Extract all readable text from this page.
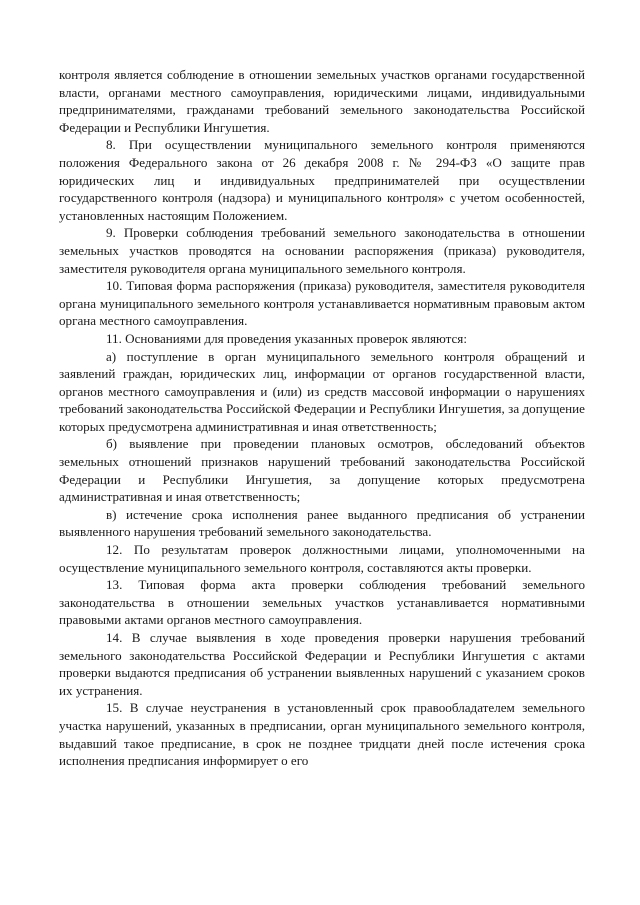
контроля является соблюдение в отношении земельных участков органами государственной власти, органами местного самоуправления, юридическими лицами, индивидуальными предпринимателями, гражданами требований земельного законодательства Российской Федерации и Республики Ингушетия.

8. При осуществлении муниципального земельного контроля применяются положения Федерального закона от 26 декабря 2008 г. № 294-ФЗ «О защите прав юридических лиц и индивидуальных предпринимателей при осуществлении государственного контроля (надзора) и муниципального контроля» с учетом особенностей, установленных настоящим Положением.

9. Проверки соблюдения требований земельного законодательства в отношении земельных участков проводятся на основании распоряжения (приказа) руководителя, заместителя руководителя органа муниципального земельного контроля.

10. Типовая форма распоряжения (приказа) руководителя, заместителя руководителя органа муниципального земельного контроля устанавливается нормативным правовым актом органа местного самоуправления.

11. Основаниями для проведения указанных проверок являются:

а) поступление в орган муниципального земельного контроля обращений и заявлений граждан, юридических лиц, информации от органов государственной власти, органов местного самоуправления и (или) из средств массовой информации о нарушениях требований законодательства Российской Федерации и Республики Ингушетия, за допущение которых предусмотрена административная и иная ответственность;

б) выявление при проведении плановых осмотров, обследований объектов земельных отношений признаков нарушений требований законодательства Российской Федерации и Республики Ингушетия, за допущение которых предусмотрена административная и иная ответственность;

в) истечение срока исполнения ранее выданного предписания об устранении выявленного нарушения требований земельного законодательства.

12. По результатам проверок должностными лицами, уполномоченными на осуществление муниципального земельного контроля, составляются акты проверки.

13. Типовая форма акта проверки соблюдения требований земельного законодательства в отношении земельных участков устанавливается нормативными правовыми актами органов местного самоуправления.

14. В случае выявления в ходе проведения проверки нарушения требований земельного законодательства Российской Федерации и Республики Ингушетия с актами проверки выдаются предписания об устранении выявленных нарушений с указанием сроков их устранения.

15. В случае неустранения в установленный срок правообладателем земельного участка нарушений, указанных в предписании, орган муниципального земельного контроля, выдавший такое предписание, в срок не позднее тридцати дней после истечения срока исполнения предписания информирует о его
